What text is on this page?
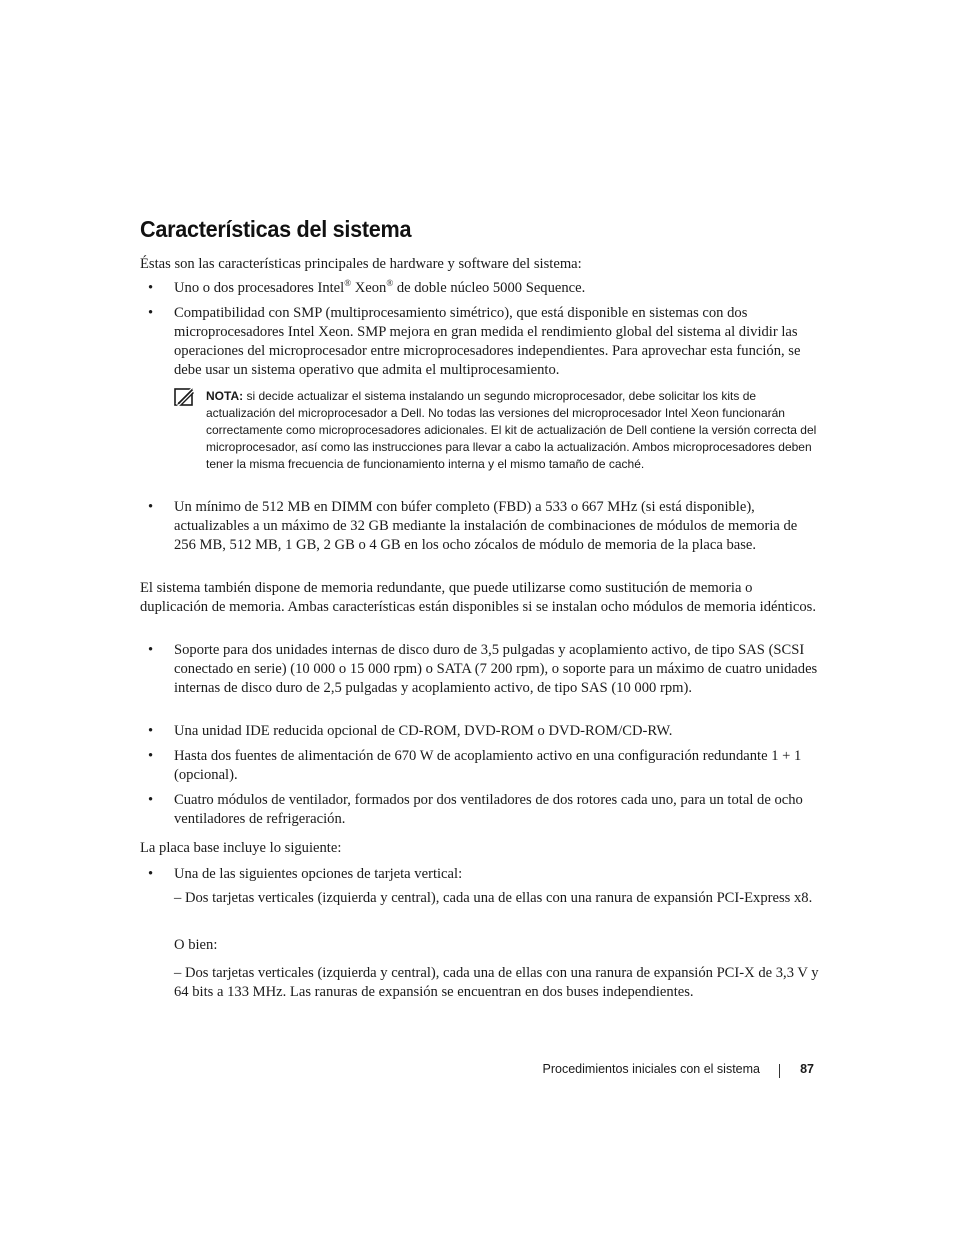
Características del sistema

Éstas son las características principales de hardware y software del sistema:

• Uno o dos procesadores Intel® Xeon® de doble núcleo 5000 Sequence.
• Compatibilidad con SMP (multiprocesamiento simétrico), que está disponible en sistemas con dos microprocesadores Intel Xeon. SMP mejora en gran medida el rendimiento global del sistema al dividir las operaciones del microprocesador entre microprocesadores independientes. Para aprovechar esta función, se debe usar un sistema operativo que admita el multiprocesamiento.
NOTA: si decide actualizar el sistema instalando un segundo microprocesador, debe solicitar los kits de actualización del microprocesador a Dell. No todas las versiones del microprocesador Intel Xeon funcionarán correctamente como microprocesadores adicionales. El kit de actualización de Dell contiene la versión correcta del microprocesador, así como las instrucciones para llevar a cabo la actualización. Ambos microprocesadores deben tener la misma frecuencia de funcionamiento interna y el mismo tamaño de caché.
• Un mínimo de 512 MB en DIMM con búfer completo (FBD) a 533 o 667 MHz (si está disponible), actualizables a un máximo de 32 GB mediante la instalación de combinaciones de módulos de memoria de 256 MB, 512 MB, 1 GB, 2 GB o 4 GB en los ocho zócalos de módulo de memoria de la placa base.

El sistema también dispone de memoria redundante, que puede utilizarse como sustitución de memoria o duplicación de memoria. Ambas características están disponibles si se instalan ocho módulos de memoria idénticos.

• Soporte para dos unidades internas de disco duro de 3,5 pulgadas y acoplamiento activo, de tipo SAS (SCSI conectado en serie) (10 000 o 15 000 rpm) o SATA (7 200 rpm), o soporte para un máximo de cuatro unidades internas de disco duro de 2,5 pulgadas y acoplamiento activo, de tipo SAS (10 000 rpm).
• Una unidad IDE reducida opcional de CD-ROM, DVD-ROM o DVD-ROM/CD-RW.
• Hasta dos fuentes de alimentación de 670 W de acoplamiento activo en una configuración redundante 1 + 1 (opcional).
• Cuatro módulos de ventilador, formados por dos ventiladores de dos rotores cada uno, para un total de ocho ventiladores de refrigeración.

La placa base incluye lo siguiente:

• Una de las siguientes opciones de tarjeta vertical:

– Dos tarjetas verticales (izquierda y central), cada una de ellas con una ranura de expansión PCI-Express x8.

O bien:

– Dos tarjetas verticales (izquierda y central), cada una de ellas con una ranura de expansión PCI-X de 3,3 V y 64 bits a 133 MHz. Las ranuras de expansión se encuentran en dos buses independientes.

Procedimientos iniciales con el sistema	87
